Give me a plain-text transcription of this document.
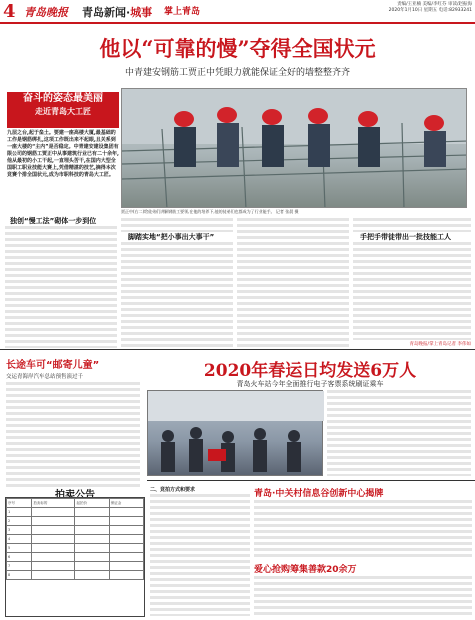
4 青岛晚报 青岛新闻·城事 掌上青岛
责编/王亚楠 美编/李红芬 审读/赵振海
2020年1月10日 星期五 电话:82933241
他以“可靠的慢”夺得全国状元
中青建安钢筋工贾正中凭眼力就能保证全好的墙整整齐齐
奋斗的姿态最美丽
走近青岛大工匠
九层之台,起于垒土。要建一座高楼大厦,最基础的工作是钢筋绑扎,这项工作既出来不起眼,且关系到一座大楼的“主内”是否稳定。中青建安建设集团有限公司的钢筋工贾正中从事建筑行业已有二十余年,他从最初的小工干起,一直埋头苦干,在国内大型全国职工职业技能大赛上,凭借精湛的技艺,摘得本次竞赛个排全国状元,成为市职科技的青岛大工匠。
贾正中(右二)给徒弟们讲解钢筋工要领,在他的培养下,他的徒弟们也都成为了行业能手。 记者 张晨 摄
独创“慢工法”砌体一步到位
脚踏实地“把小事出大事干”	手把手带徒带出一批技能工人
青岛晚报/掌上青岛记者 李伟如
长途车可“邮寄儿童”
交运青海岸汽车总站预售演过千	2020年春运日均发送6万人
青岛火车站今年全面推行电子客票系统刷证乘车
拍卖公告
序号	拍卖标的	起拍价	保证金
1			
2			
3			
4			
5			
6			
7			
8			
二、竞拍方式和要求	青岛·中关村信息谷创新中心揭牌
爱心抢购筹集善款20余万
